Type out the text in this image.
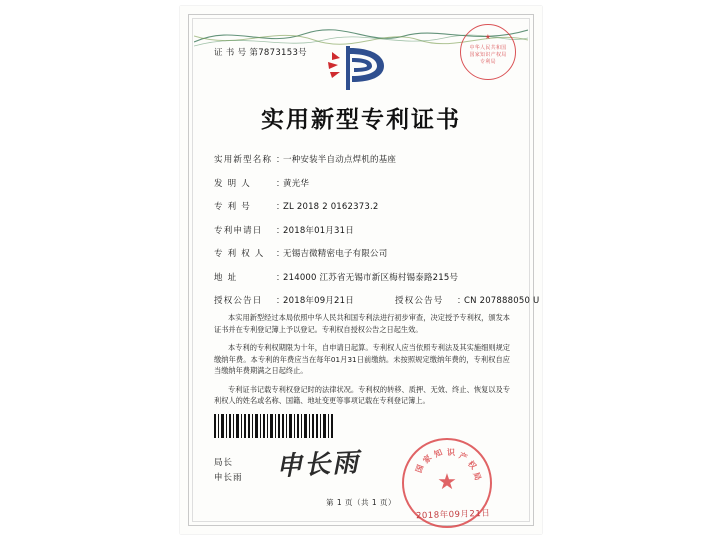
★
中华人民共和国
国家知识产权局
专利局
证 书 号 第7873153号
实用新型专利证书
实用新型名称 ：
一种安装半自动点焊机的基座
发 明 人	：
黄光华
专 利 号	：
ZL 2018 2 0162373.2
专利申请日	：
2018年01月31日
专 利 权 人	：
无锡吉微精密电子有限公司
地 址	：
214000 江苏省无锡市新区梅村锡泰路215号
授权公告日	：
2018年09月21日	授权公告号	：
CN 207888050 U

本实用新型经过本局依照中华人民共和国专利法进行初步审查，决定授予专利权，颁发本证书并在专利登记簿上予以登记。专利权自授权公告之日起生效。

本专利的专利权期限为十年，自申请日起算。专利权人应当依照专利法及其实施细则规定缴纳年费。本专利的年费应当在每年01月31日前缴纳。未按照规定缴纳年费的，专利权自应当缴纳年费期满之日起终止。

专利证书记载专利权登记时的法律状况。专利权的转移、质押、无效、终止、恢复以及专利权人的姓名或名称、国籍、地址变更等事项记载在专利登记簿上。

局长
申长雨 申长雨	国
家 知 识 产
权
局
★
2018年09月21日
第 1 页（共 1 页）
